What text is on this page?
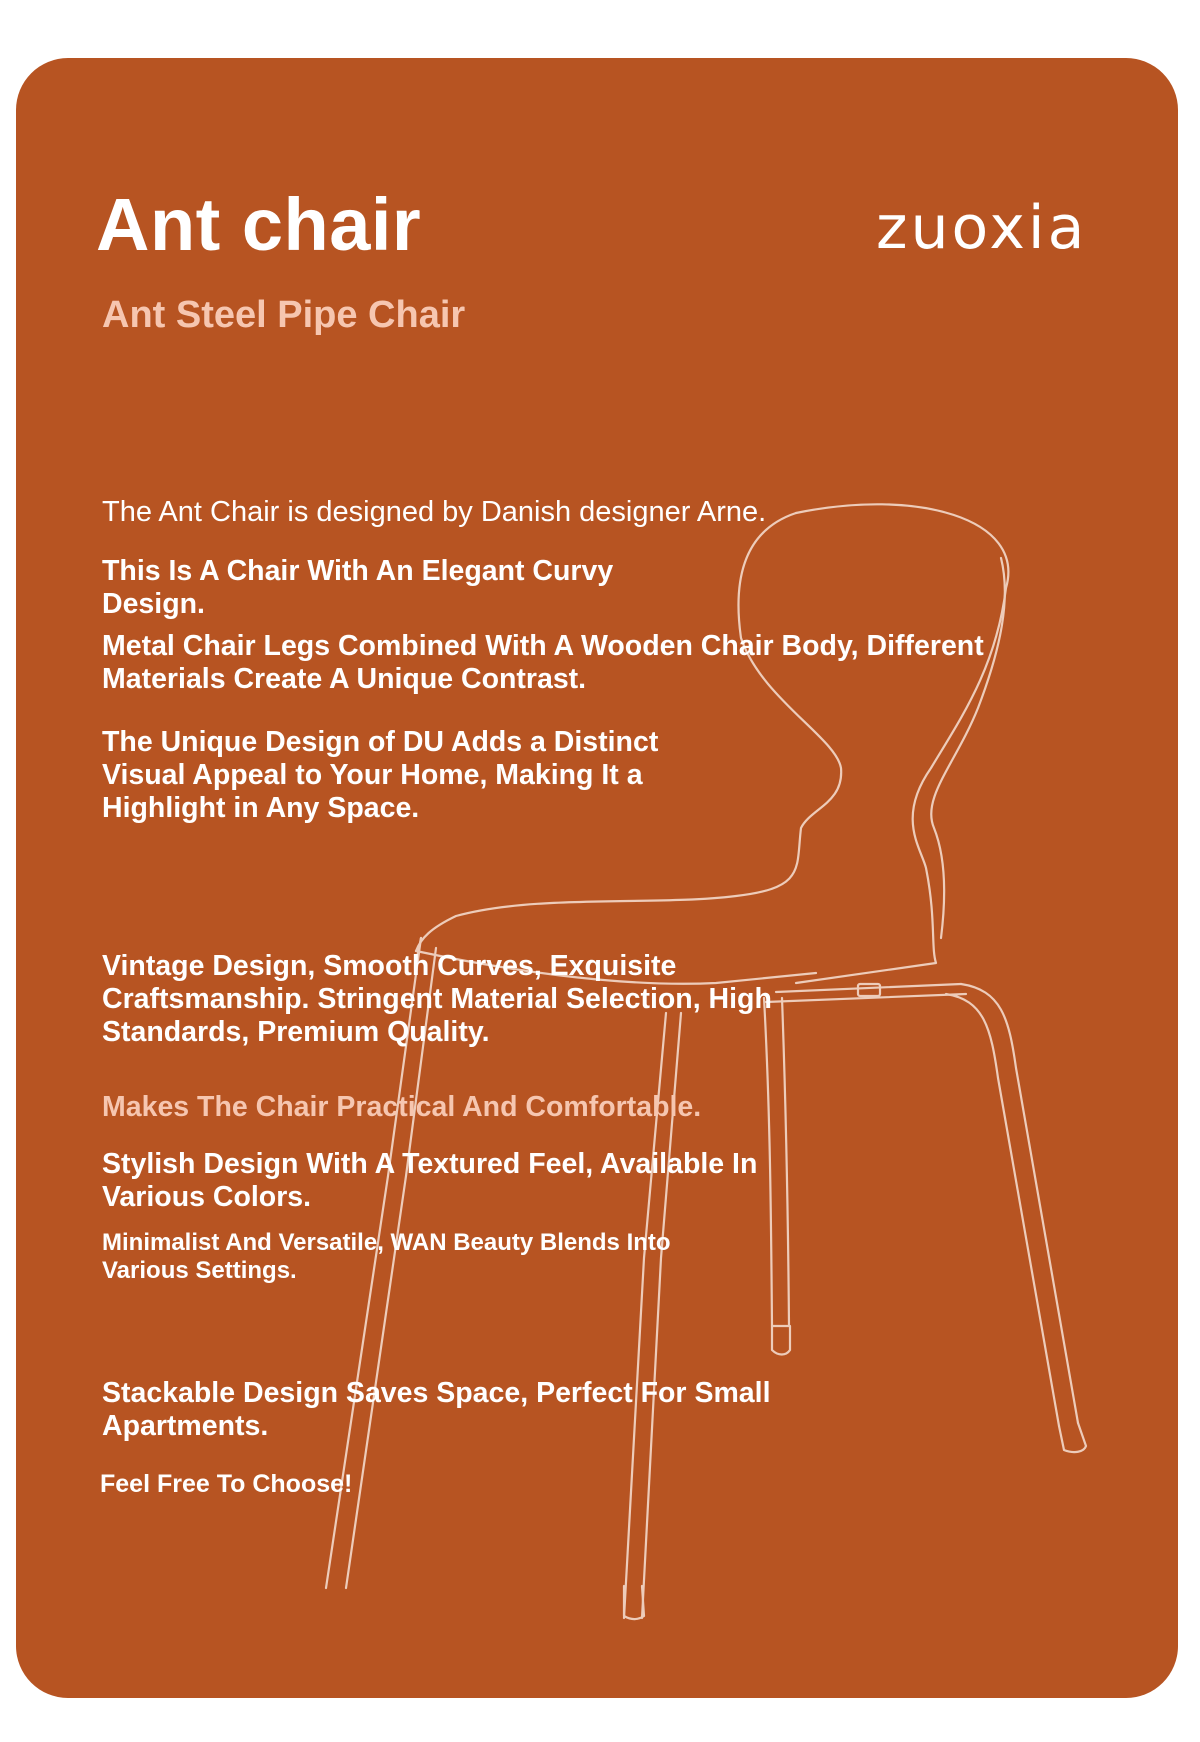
Ant chair	zuoxia
Ant Steel Pipe Chair

The Ant Chair is designed by Danish designer Arne.

This Is A Chair With An Elegant Curvy Design.

Metal Chair Legs Combined With A Wooden Chair Body, Different Materials Create A Unique Contrast.

The Unique Design of DU Adds a Distinct Visual Appeal to Your Home, Making It a Highlight in Any Space.

Vintage Design, Smooth Curves, Exquisite Craftsmanship. Stringent Material Selection, High Standards, Premium Quality.

Makes The Chair Practical And Comfortable.

Stylish Design With A Textured Feel, Available In Various Colors.

Minimalist And Versatile, WAN Beauty Blends Into Various Settings.

Stackable Design Saves Space, Perfect For Small Apartments.

Feel Free To Choose!
